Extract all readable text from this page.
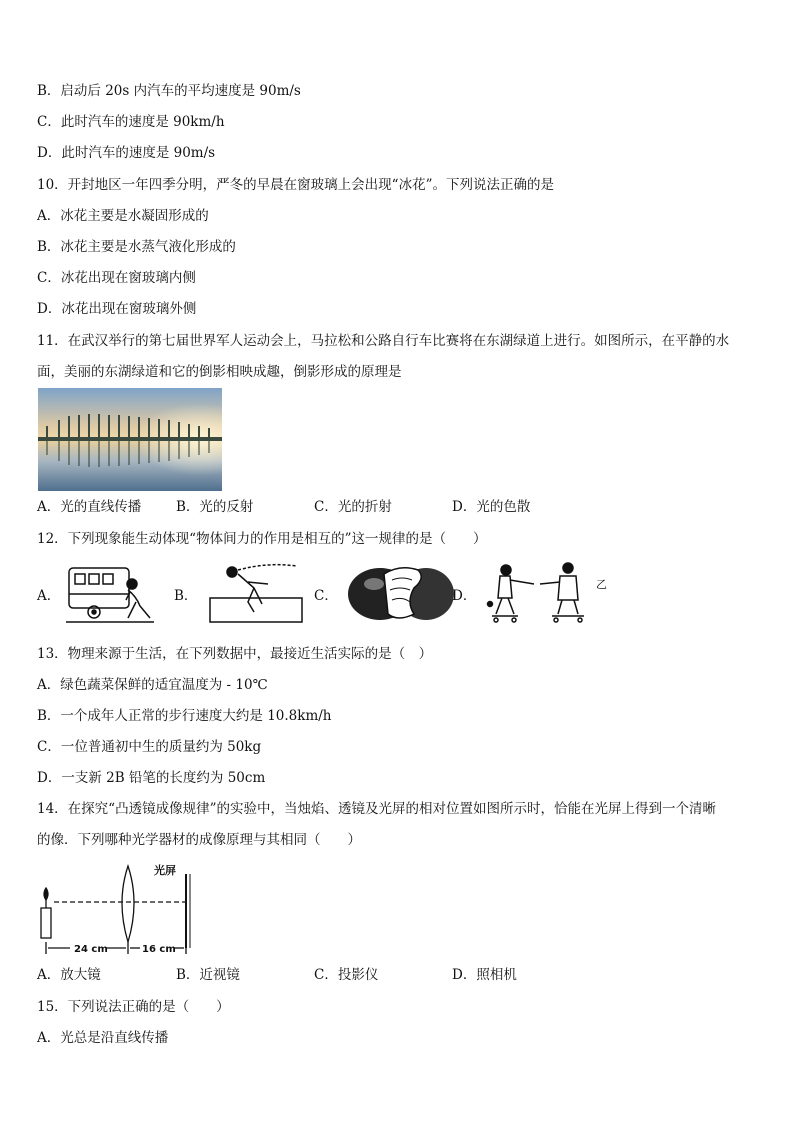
B．启动后 20s 内汽车的平均速度是 90m/s
C．此时汽车的速度是 90km/h
D．此时汽车的速度是 90m/s
10．开封地区一年四季分明，严冬的早晨在窗玻璃上会出现“冰花”。下列说法正确的是
A．冰花主要是水凝固形成的
B．冰花主要是水蒸气液化形成的
C．冰花出现在窗玻璃内侧
D．冰花出现在窗玻璃外侧
11．在武汉举行的第七届世界军人运动会上，马拉松和公路自行车比赛将在东湖绿道上进行。如图所示，在平静的水
面，美丽的东湖绿道和它的倒影相映成趣，倒影形成的原理是
A．光的直线传播	B．光的反射	C．光的折射	D．光的色散
12．下列现象能生动体现“物体间力的作用是相互的”这一规律的是（　　）
A．	B．	C．	D．
乙
13．物理来源于生活，在下列数据中，最接近生活实际的是（　）
A．绿色蔬菜保鲜的适宜温度为 - 10℃
B．一个成年人正常的步行速度大约是 10.8km/h
C．一位普通初中生的质量约为 50kg
D．一支新 2B 铅笔的长度约为 50cm
14．在探究“凸透镜成像规律”的实验中，当烛焰、透镜及光屏的相对位置如图所示时，恰能在光屏上得到一个清晰
的像．下列哪种光学器材的成像原理与其相同（　　）
光屏
24 cm	16 cm
A．放大镜	B．近视镜	C．投影仪	D．照相机
15．下列说法正确的是（　　）
A．光总是沿直线传播
